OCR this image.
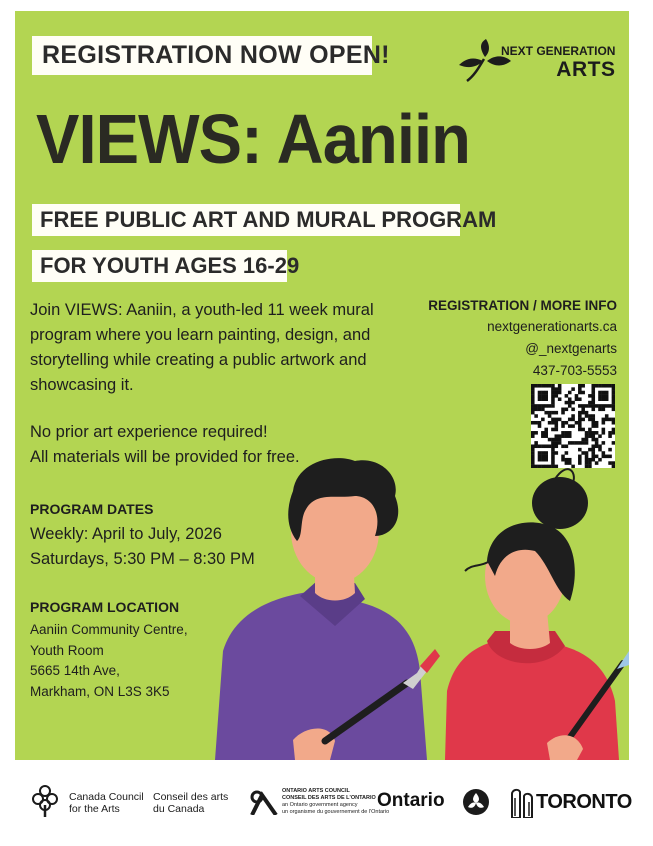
REGISTRATION NOW OPEN!	NEXT GENERATION
ARTS
VIEWS: Aaniin
FREE PUBLIC ART AND MURAL PROGRAM
FOR YOUTH AGES 16-29
Join VIEWS: Aaniin, a youth-led 11 week mural program where you learn painting, design, and storytelling while creating a public artwork and showcasing it.
No prior art experience required!
All materials will be provided for free.
PROGRAM DATES
Weekly: April to July, 2026
Saturdays, 5:30 PM – 8:30 PM
PROGRAM LOCATION
Aaniin Community Centre,
Youth Room
5665 14th Ave,
Markham, ON L3S 3K5
REGISTRATION / MORE INFO
nextgenerationarts.ca
@_nextgenarts
437-703-5553
Canada Council
for the Arts
Conseil des arts
du Canada
ONTARIO ARTS COUNCIL
CONSEIL DES ARTS DE L'ONTARIO
an Ontario government agency
un organisme du gouvernement de l'Ontario
Ontario	TORONTO
